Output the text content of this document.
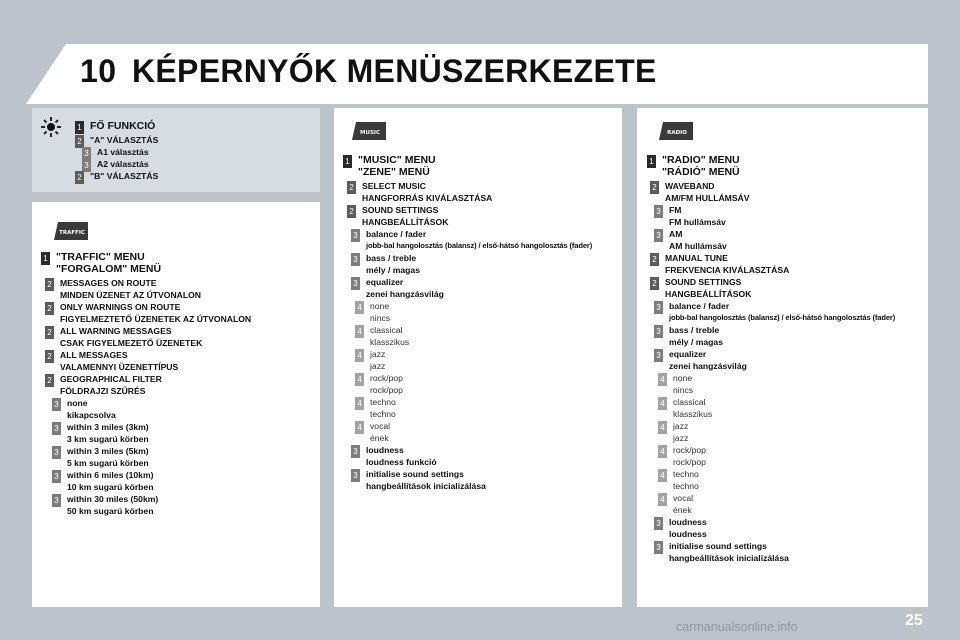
10 KÉPERNYŐK MENÜSZERKEZETE
TRAFFIC
MUSIC	RADIO
1 FŐ FUNKCIÓ
2 "A" VÁLASZTÁS
3 A1 választás
3 A2 választás
2 "B" VÁLASZTÁS
1 "TRAFFIC" MENU
"FORGALOM" MENÜ
2 MESSAGES ON ROUTE
MINDEN ÜZENET AZ ÚTVONALON
2 ONLY WARNINGS ON ROUTE
FIGYELMEZTETŐ ÜZENETEK AZ ÚTVONALON
2 ALL WARNING MESSAGES
CSAK FIGYELMEZETŐ ÜZENETEK
2 ALL MESSAGES
VALAMENNYI ÜZENETTÍPUS
2 GEOGRAPHICAL FILTER
FÖLDRAJZI SZŰRÉS
3 none
kikapcsolva
3 within 3 miles (3km)
3 km sugarú körben
3 within 3 miles (5km)
5 km sugarú körben
3 within 6 miles (10km)
10 km sugarú körben
3 within 30 miles (50km)
50 km sugarú körben
1 "MUSIC" MENU
"ZENE" MENÜ
2 SELECT MUSIC
HANGFORRÁS KIVÁLASZTÁSA
2 SOUND SETTINGS
HANGBEÁLLÍTÁSOK
3 balance / fader
jobb-bal hangolosztás (balansz) / első-hátsó hangolosztás (fader)
3 bass / treble
mély / magas
3 equalizer
zenei hangzásvilág
4 none
nincs
4 classical
klasszikus
4 jazz
jazz
4 rock/pop
rock/pop
4 techno
techno
4 vocal
ének
3 loudness
loudness funkció
3 initialise sound settings
hangbeállítások inicializálása
1 "RADIO" MENU
"RÁDIÓ" MENÜ
2 WAVEBAND
AM/FM HULLÁMSÁV
3 FM
FM hullámsáv
3 AM
AM hullámsáv
2 MANUAL TUNE
FREKVENCIA KIVÁLASZTÁSA
2 SOUND SETTINGS
HANGBEÁLLÍTÁSOK
3 balance / fader
jobb-bal hangolosztás (balansz) / első-hátsó hangolosztás (fader)
3 bass / treble
mély / magas
3 equalizer
zenei hangzásvilág
4 none
nincs
4 classical
klasszikus
4 jazz
jazz
4 rock/pop
rock/pop
4 techno
techno
4 vocal
ének
3 loudness
loudness
3 initialise sound settings
hangbeállítások inicializálása
25
carmanualsonline.info
